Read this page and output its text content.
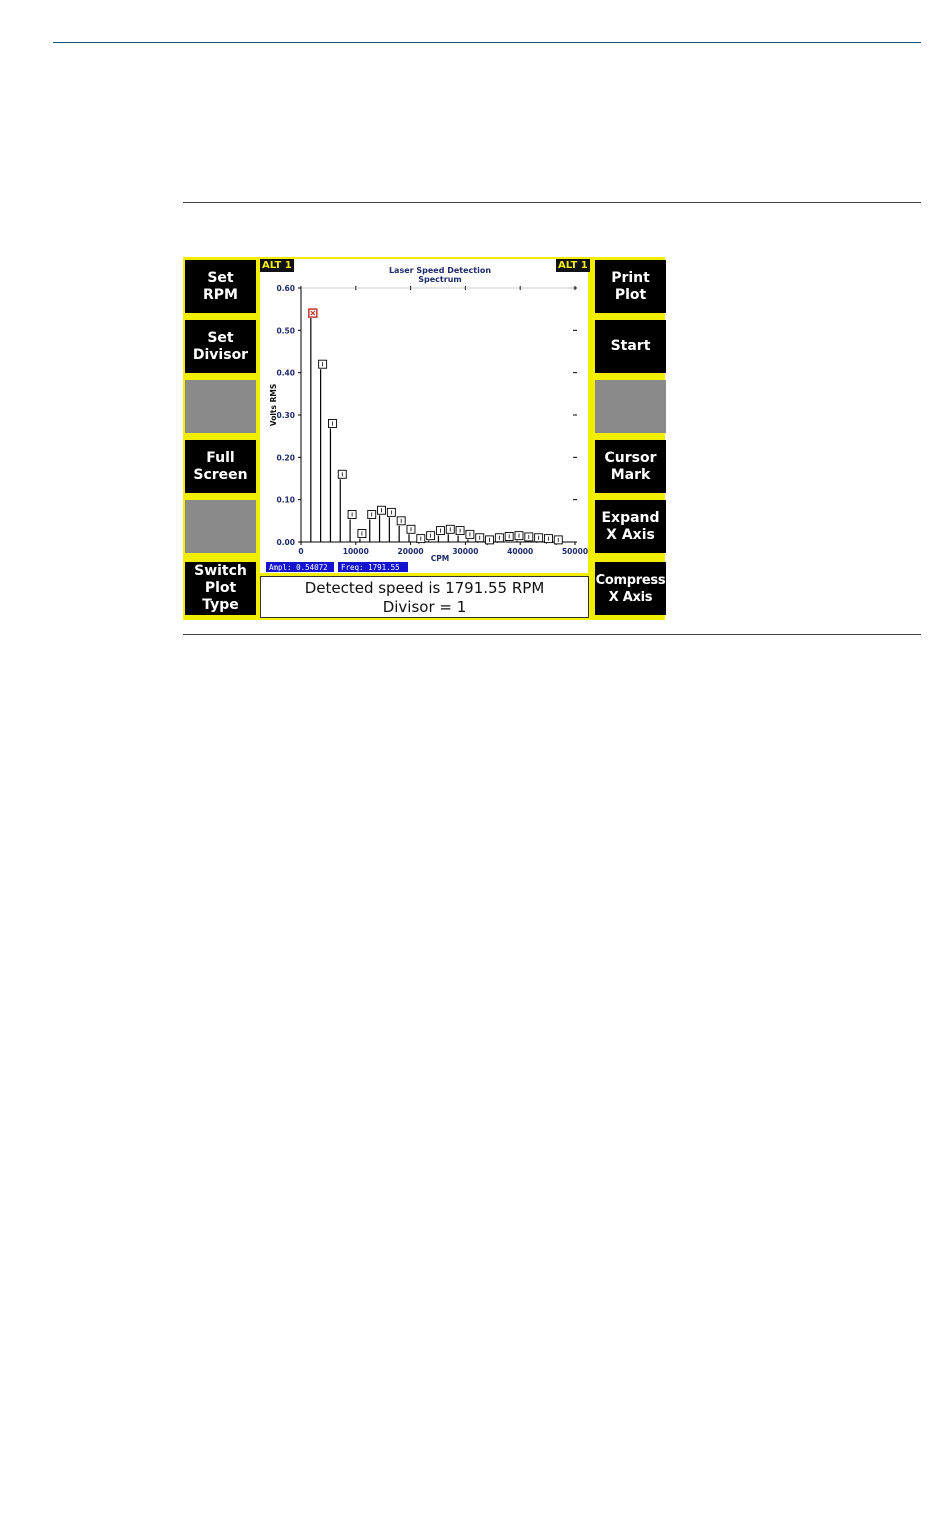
Set
RPM
Set
Divisor
Full
Screen
Switch
Plot
Type
Print
Plot
Start
Cursor
Mark
Expand
X Axis
Compress
X Axis
Laser Speed Detection
Spectrum
Volts RMS
CPM
0.00
0.10
0.20
0.30
0.40
0.50
0.60
0	10000	20000	30000	40000	50000
Ampl: 0.54072 Freq: 1791.55
ALT 1	ALT 1
Detected speed is 1791.55 RPM
Divisor = 1
